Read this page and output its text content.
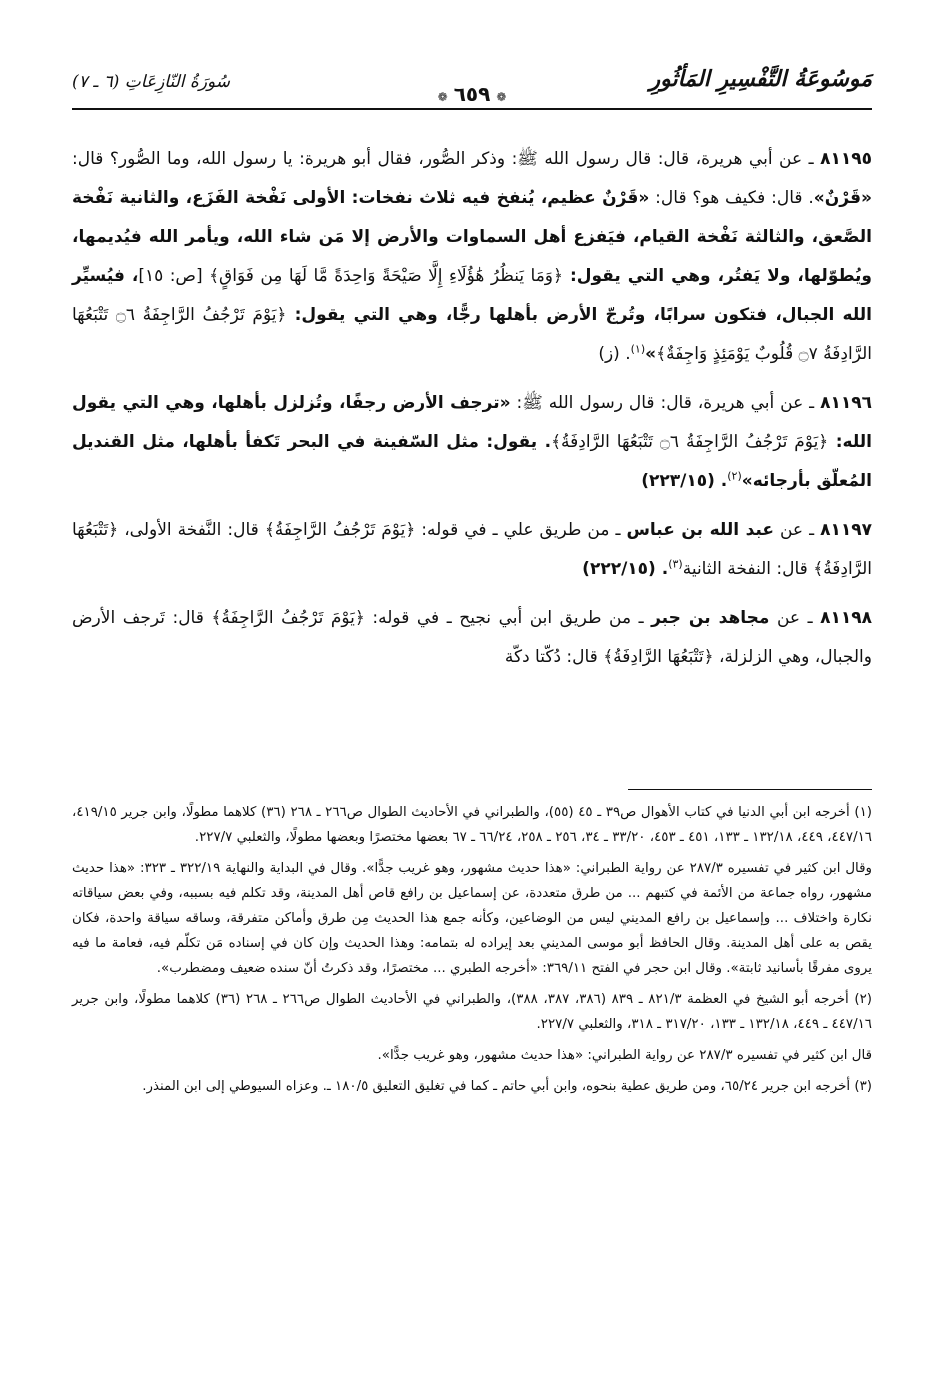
مَوسُوعَةُ التَّفْسِيرِ المَأثُورِ
❁٦٥٩❁
سُورَةُ النّازِعَاتِ (٦ ـ ٧)

٨١١٩٥ ـ عن أبي هريرة، قال: قال رسول الله ﷺ: وذكر الصُّور، فقال أبو هريرة: يا رسول الله، وما الصُّور؟ قال: «قَرْنٌ». قال: فكيف هو؟ قال: «قَرْنٌ عظيم، يُنفخ فيه ثلاث نفخات: الأولى نَفْخة الفَزَع، والثانية نَفْخة الصَّعق، والثالثة نَفْخة القيام، فيَفزع أهل السماوات والأرض إلا مَن شاء الله، ويأمر الله فيُديمها، ويُطوّلها، ولا يَفتُر، وهي التي يقول: ﴿وَمَا يَنظُرُ هَٰؤُلَاءِ إِلَّا صَيْحَةً وَاحِدَةً مَّا لَهَا مِن فَوَاقٍ﴾ [ص: ١٥]، فيُسيِّر الله الجبال، فتكون سرابًا، وتُرجّ الأرض بأهلها رجًّا، وهي التي يقول: ﴿يَوْمَ تَرْجُفُ الرَّاجِفَةُ ۝٦ تَتْبَعُهَا الرَّادِفَةُ ۝٧ قُلُوبٌ يَوْمَئِذٍ وَاجِفَةٌ﴾»$^{(١)}$. (ز)

٨١١٩٦ ـ عن أبي هريرة، قال: قال رسول الله ﷺ: «ترجف الأرض رجفًا، وتُزلزل بأهلها، وهي التي يقول الله: ﴿يَوْمَ تَرْجُفُ الرَّاجِفَةُ ۝٦ تَتْبَعُهَا الرَّادِفَةُ﴾. يقول: مثل السّفينة في البحر تَكفأ بأهلها، مثل القنديل المُعلّق بأرجائه»$^{(٢)}$. (٢٢٣/١٥)

٨١١٩٧ ـ عن عبد الله بن عباس ـ من طريق علي ـ في قوله: ﴿يَوْمَ تَرْجُفُ الرَّاجِفَةُ﴾ قال: النَّفخة الأولى، ﴿تَتْبَعُهَا الرَّادِفَةُ﴾ قال: النفخة الثانية$^{(٣)}$. (٢٢٢/١٥)

٨١١٩٨ ـ عن مجاهد بن جبر ـ من طريق ابن أبي نجيح ـ في قوله: ﴿يَوْمَ تَرْجُفُ الرَّاجِفَةُ﴾ قال: تَرجف الأرض والجبال، وهي الزلزلة، ﴿تَتْبَعُهَا الرَّادِفَةُ﴾ قال: دُكّتا دكّة

(١) أخرجه ابن أبي الدنيا في كتاب الأهوال ص٣٩ ـ ٤٥ (٥٥)، والطبراني في الأحاديث الطوال ص٢٦٦ ـ ٢٦٨ (٣٦) كلاهما مطولًا، وابن جرير ٤١٩/١٥، ٤٤٧/١٦، ٤٤٩، ١٣٢/١٨ ـ ١٣٣، ٤٥١ ـ ٤٥٣، ٣٣/٢٠ ـ ٣٤، ٢٥٦ ـ ٢٥٨، ٦٦/٢٤ ـ ٦٧ بعضها مختصرًا وبعضها مطولًا، والثعلبي ٢٢٧/٧.

وقال ابن كثير في تفسيره ٢٨٧/٣ عن رواية الطبراني: «هذا حديث مشهور، وهو غريب جدًّا». وقال في البداية والنهاية ٣٢٢/١٩ ـ ٣٢٣: «هذا حديث مشهور، رواه جماعة من الأئمة في كتبهم ... من طرق متعددة، عن إسماعيل بن رافع قاص أهل المدينة، وقد تكلم فيه بسببه، وفي بعض سياقاته نكارة واختلاف ... وإسماعيل بن رافع المديني ليس من الوضاعين، وكأنه جمع هذا الحديث مِن طرق وأماكن متفرقة، وساقه سياقة واحدة، فكان يقص به على أهل المدينة. وقال الحافظ أبو موسى المديني بعد إيراده له بتمامه: وهذا الحديث وإن كان في إسناده مَن تكلّم فيه، فعامة ما فيه يروى مفرقًا بأسانيد ثابتة». وقال ابن حجر في الفتح ٣٦٩/١١: «أخرجه الطبري ... مختصرًا، وقد ذكرتُ أنّ سنده ضعيف ومضطرب».

(٢) أخرجه أبو الشيخ في العظمة ٨٢١/٣ ـ ٨٣٩ (٣٨٦، ٣٨٧، ٣٨٨)، والطبراني في الأحاديث الطوال ص٢٦٦ ـ ٢٦٨ (٣٦) كلاهما مطولًا، وابن جرير ٤٤٧/١٦ ـ ٤٤٩، ١٣٢/١٨ ـ ١٣٣، ٣١٧/٢٠ ـ ٣١٨، والثعلبي ٢٢٧/٧.

قال ابن كثير في تفسيره ٢٨٧/٣ عن رواية الطبراني: «هذا حديث مشهور، وهو غريب جدًّا».

(٣) أخرجه ابن جرير ٦٥/٢٤، ومن طريق عطية بنحوه، وابن أبي حاتم ـ كما في تغليق التعليق ١٨٠/٥ ـ. وعزاه السيوطي إلى ابن المنذر.
